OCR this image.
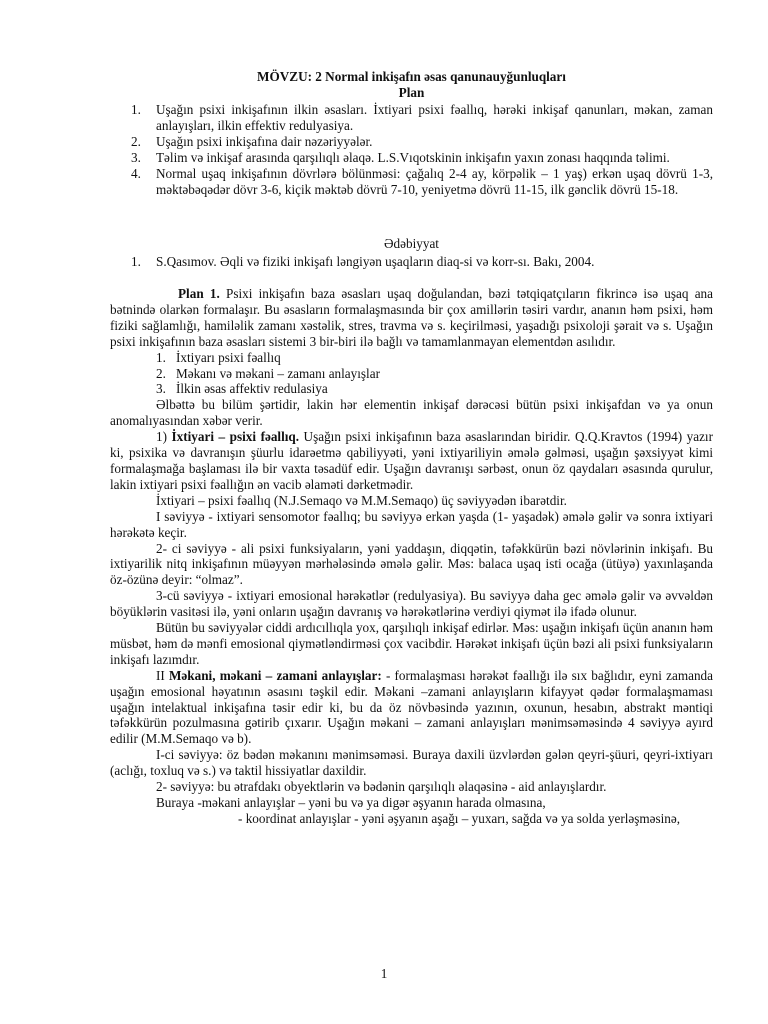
MÖVZU: 2 Normal inkişafın əsas qanunauyğunluqları
Plan
1. Uşağın psixi inkişafının ilkin əsasları. İxtiyari psixi fəallıq, hərəki inkişaf qanunları, məkan, zaman anlayışları, ilkin effektiv redulyasiya.
2. Uşağın psixi inkişafına dair nəzəriyyələr.
3. Təlim və inkişaf arasında qarşılıqlı əlaqə. L.S.Vıqotskinin inkişafın yaxın zonası haqqında təlimi.
4. Normal uşaq inkişafının dövrlərə bölünməsi: çağalıq 2-4 ay, körpəlik – 1 yaş) erkən uşaq dövrü 1-3, məktəbəqədər dövr 3-6, kiçik məktəb dövrü 7-10, yeniyetmə dövrü 11-15, ilk gənclik dövrü 15-18.
Ədəbiyyat
1. S.Qasımov. Əqli və fiziki inkişafı ləngiyən uşaqların diaq-si və korr-sı. Bakı, 2004.

Plan 1. Psixi inkişafın baza əsasları uşaq doğulandan, bəzi tətqiqatçıların fikrincə isə uşaq ana bətnində olarkən formalaşır. Bu əsasların formalaşmasında bir çox amillərin təsiri vardır, ananın həm psixi, həm fiziki sağlamlığı, hamiləlik zamanı xəstəlik, stres, travma və s. keçirilməsi, yaşadığı psixoloji şərait və s. Uşağın psixi inkişafının baza əsasları sistemi 3 bir-biri ilə bağlı və tamamlanmayan elementdən asılıdır.

1. İxtiyarı psixi fəallıq
2. Məkanı və məkani – zamanı anlayışlar
3. İlkin əsas affektiv redulasiya

Əlbəttə bu bilüm şərtidir, lakin hər elementin inkişaf dərəcəsi bütün psixi inkişafdan və ya onun anomalıyasından xəbər verir.

1) İxtiyari – psixi fəallıq. Uşağın psixi inkişafının baza əsaslarından biridir. Q.Q.Kravtos (1994) yazır ki, psixika və davranışın şüurlu idarəetmə qabiliyyəti, yəni ixtiyariliyin əmələ gəlməsi, uşağın şəxsiyyət kimi formalaşmağa başlaması ilə bir vaxta təsadüf edir. Uşağın davranışı sərbəst, onun öz qaydaları əsasında qurulur, lakin ixtiyari psixi fəallığın ən vacib əlaməti dərketmədir.

İxtiyari – psixi fəallıq (N.J.Semaqo və M.M.Semaqo) üç səviyyədən ibarətdir.

I səviyyə - ixtiyari sensomotor fəallıq; bu səviyyə erkən yaşda (1- yaşadək) əmələ gəlir və sonra ixtiyari hərəkətə keçir.

2- ci səviyyə - ali psixi funksiyaların, yəni yaddaşın, diqqətin, təfəkkürün bəzi növlərinin inkişafı. Bu ixtiyarilik nitq inkişafının müəyyən mərhələsində əmələ gəlir. Məs: balaca uşaq isti ocağa (ütüyə) yaxınlaşanda öz-özünə deyir: “olmaz”.

3-cü səviyyə - ixtiyari emosional hərəkətlər (redulyasiya). Bu səviyyə daha gec əmələ gəlir və əvvəldən böyüklərin vasitəsi ilə, yəni onların uşağın davranış və hərəkətlərinə verdiyi qiymət ilə ifadə olunur.

Bütün bu səviyyələr ciddi ardıcıllıqla yox, qarşılıqlı inkişaf edirlər. Məs: uşağın inkişafı üçün ananın həm müsbət, həm də mənfi emosional qiymətləndirməsi çox vacibdir. Hərəkət inkişafı üçün bəzi ali psixi funksiyaların inkişafı lazımdır.

II Məkani, məkani – zamani anlayışlar: - formalaşması hərəkət fəallığı ilə sıx bağlıdır, eyni zamanda uşağın emosional həyatının əsasını təşkil edir. Məkani –zamani anlayışların kifayyət qədər formalaşmaması uşağın intelaktual inkişafına təsir edir ki, bu da öz növbəsində yazının, oxunun, hesabın, abstrakt məntiqi təfəkkürün pozulmasına gətirib çıxarır. Uşağın məkani – zamani anlayışları mənimsəməsində 4 səviyyə ayırd edilir (M.M.Semaqo və b).

I-ci səviyyə: öz bədən məkanını mənimsəməsi. Buraya daxili üzvlərdən gələn qeyri-şüuri, qeyri-ixtiyarı (aclığı, toxluq və s.) və taktil hissiyatlar daxildir.

2- səviyyə: bu ətrafdakı obyektlərin və bədənin qarşılıqlı əlaqəsinə - aid anlayışlardır.

Buraya -məkani anlayışlar – yəni bu və ya digər əşyanın harada olmasına,

- koordinat anlayışlar - yəni əşyanın aşağı – yuxarı, sağda və ya solda yerləşməsinə,

1
